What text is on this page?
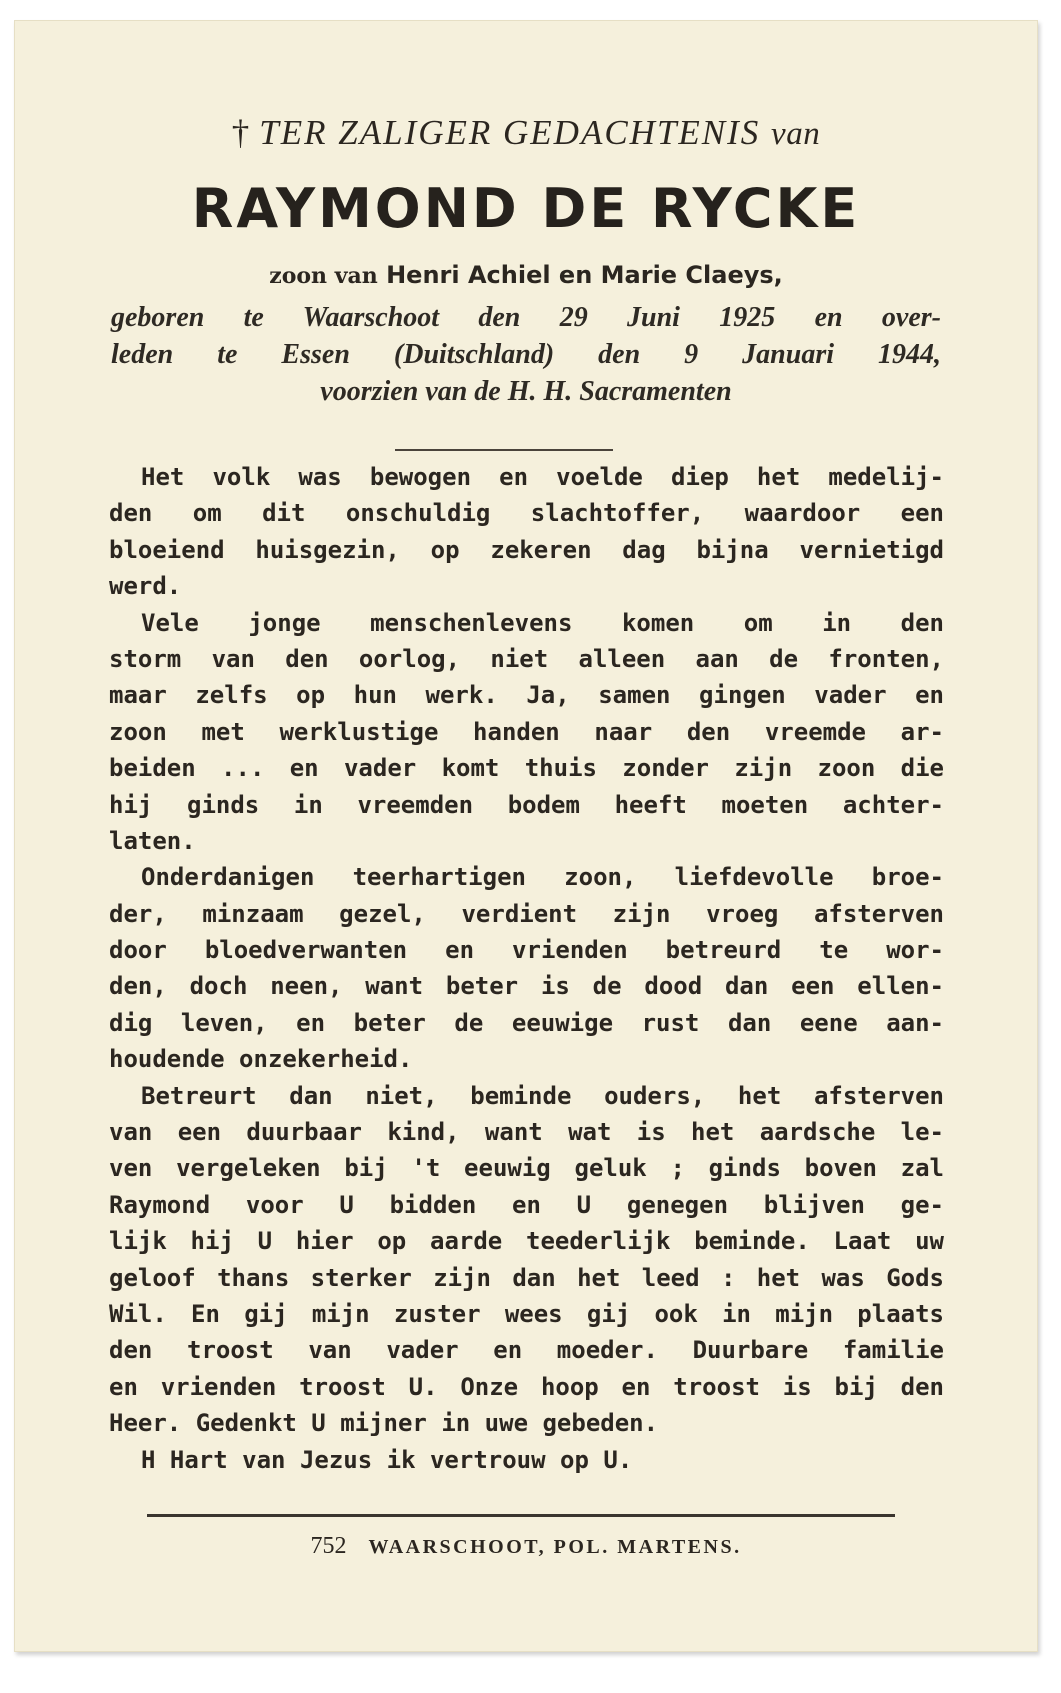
† TER ZALIGER GEDACHTENIS van
RAYMOND DE RYCKE
zoon van Henri Achiel en Marie Claeys,
geboren te Waarschoot den 29 Juni 1925 en over-
leden te Essen (Duitschland) den 9 Januari 1944,
voorzien van de H. H. Sacramenten
Het volk was bewogen en voelde diep het medelij-
den om dit onschuldig slachtoffer, waardoor een
bloeiend huisgezin, op zekeren dag bijna vernietigd
werd.
Vele jonge menschenlevens komen om in den
storm van den oorlog, niet alleen aan de fronten,
maar zelfs op hun werk. Ja, samen gingen vader en
zoon met werklustige handen naar den vreemde ar-
beiden ... en vader komt thuis zonder zijn zoon die
hij ginds in vreemden bodem heeft moeten achter-
laten.
Onderdanigen teerhartigen zoon, liefdevolle broe-
der, minzaam gezel, verdient zijn vroeg afsterven
door bloedverwanten en vrienden betreurd te wor-
den, doch neen, want beter is de dood dan een ellen-
dig leven, en beter de eeuwige rust dan eene aan-
houdende onzekerheid.
Betreurt dan niet, beminde ouders, het afsterven
van een duurbaar kind, want wat is het aardsche le-
ven vergeleken bij 't eeuwig geluk ; ginds boven zal
Raymond voor U bidden en U genegen blijven ge-
lijk hij U hier op aarde teederlijk beminde. Laat uw
geloof thans sterker zijn dan het leed : het was Gods
Wil. En gij mijn zuster wees gij ook in mijn plaats
den troost van vader en moeder. Duurbare familie
en vrienden troost U. Onze hoop en troost is bij den
Heer. Gedenkt U mijner in uwe gebeden.
H Hart van Jezus ik vertrouw op U.
752 WAARSCHOOT, POL. MARTENS.
